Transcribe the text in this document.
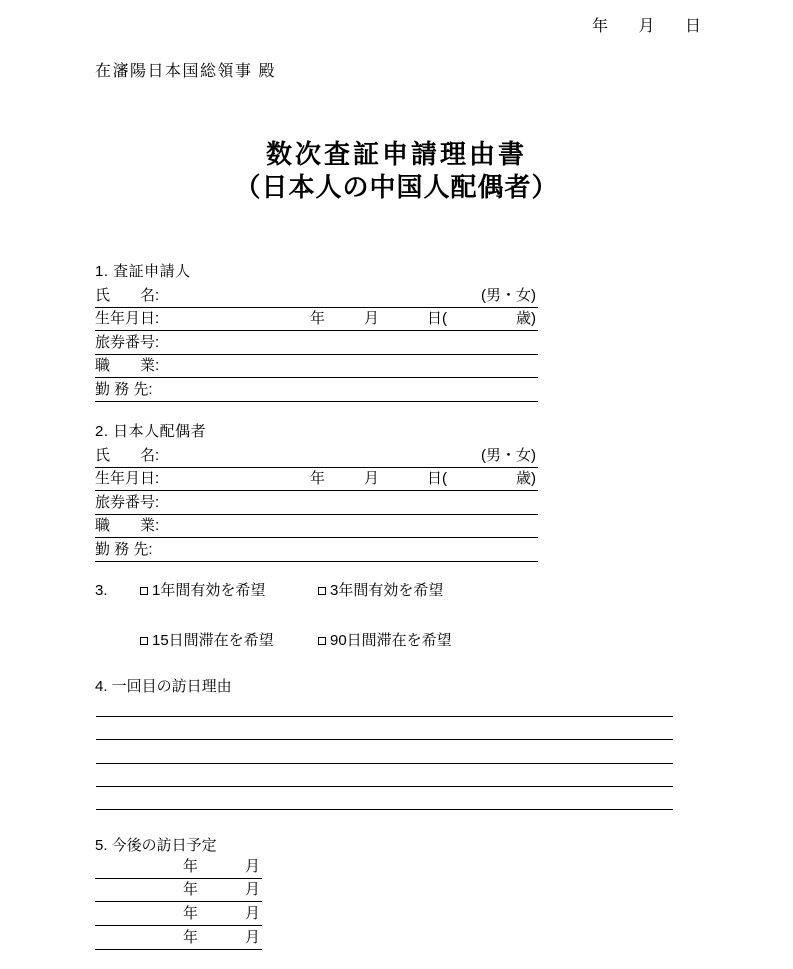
年 月 日
在瀋陽日本国総領事 殿
数次査証申請理由書
（日本人の中国人配偶者）
1. 査証申請人
氏　　名:	(男・女)
生年月日:	年	月	日(	歳)
旅券番号:
職　　業:
勤 務 先:
2. 日本人配偶者
氏　　名:	(男・女)
生年月日:	年	月	日(	歳)
旅券番号:
職　　業:
勤 務 先:
3.	1年間有効を希望	3年間有効を希望
15日間滞在を希望	90日間滞在を希望
4. 一回目の訪日理由
5. 今後の訪日予定
年	月
年	月
年	月
年	月
